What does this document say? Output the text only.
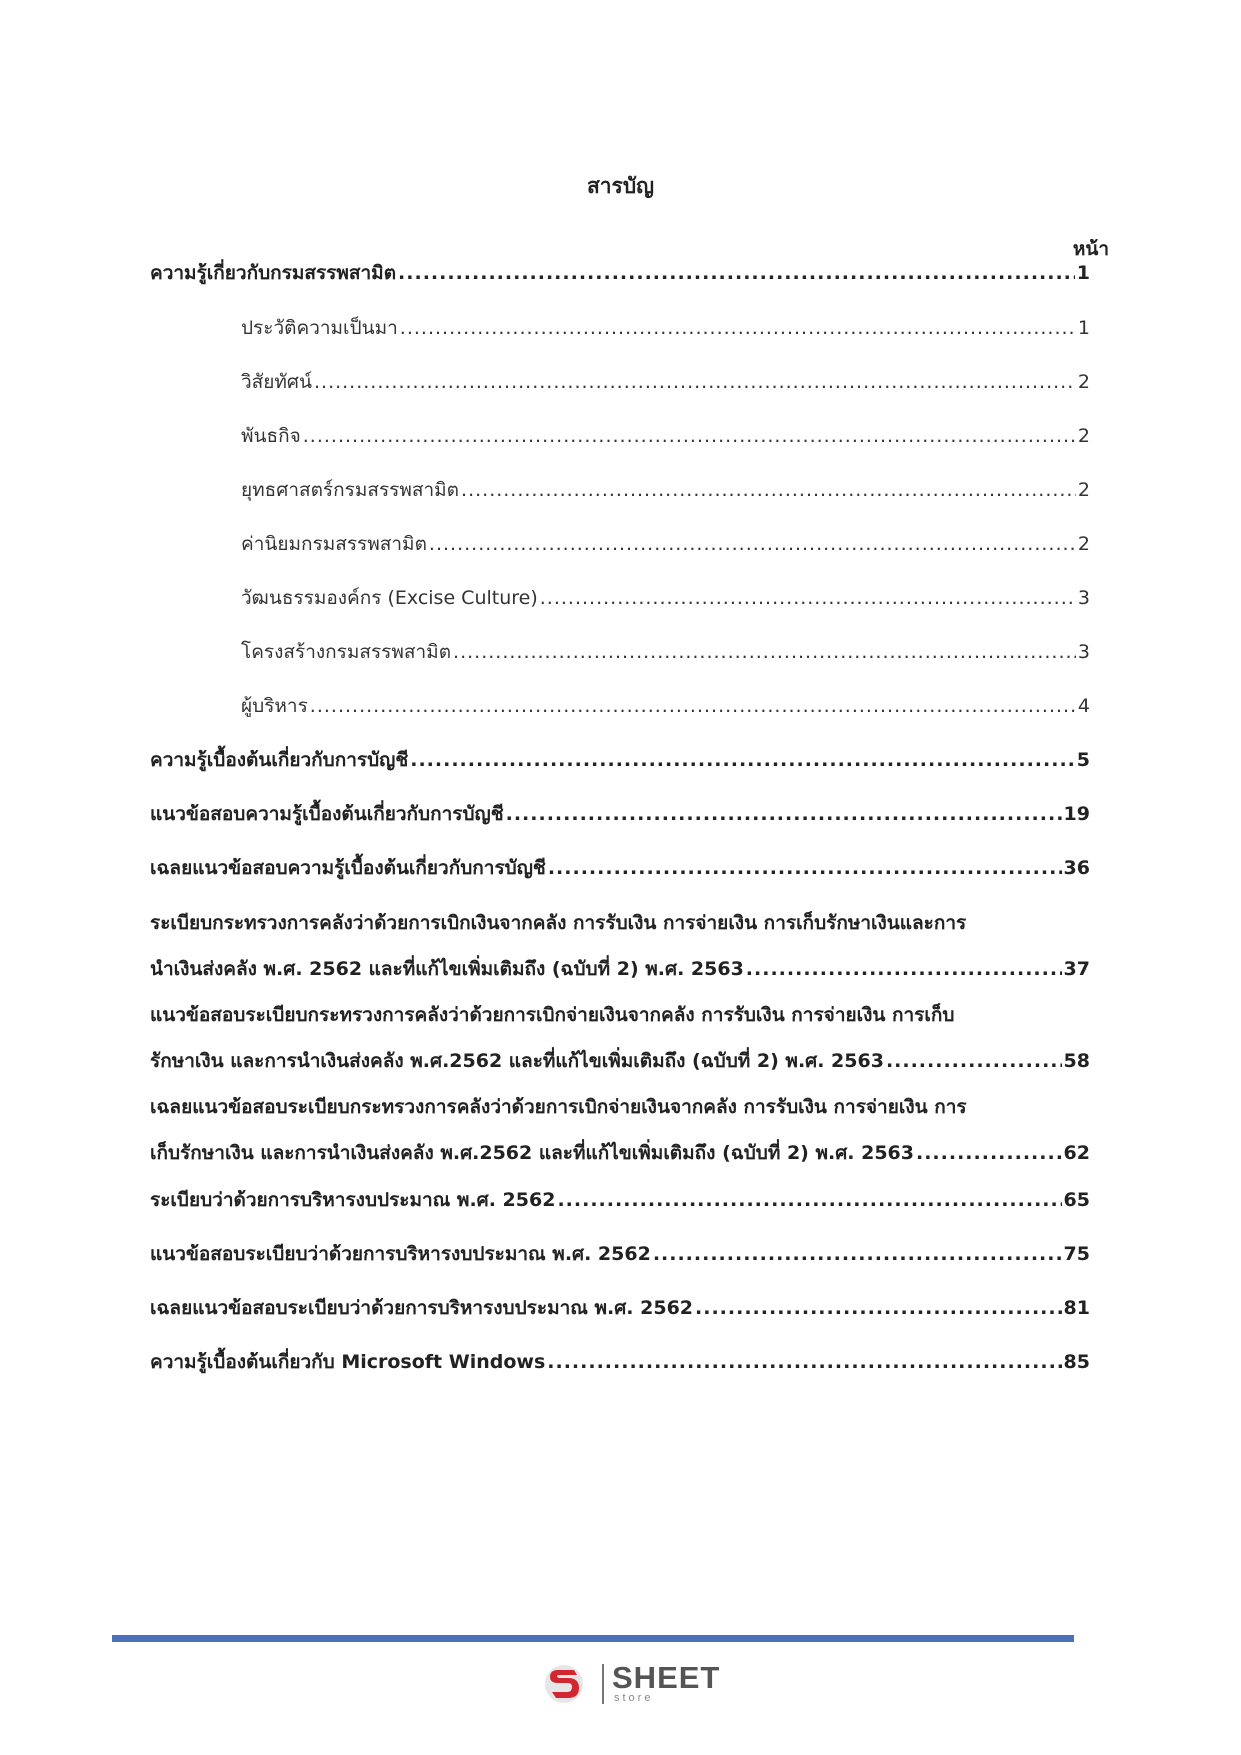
สารบัญ
หน้า
ความรู้เกี่ยวกับกรมสรรพสามิต .....	1
ประวัติความเป็นมา .....	1
วิสัยทัศน์ .....	2
พันธกิจ .....	2
ยุทธศาสตร์กรมสรรพสามิต .....	2
ค่านิยมกรมสรรพสามิต .....	2
วัฒนธรรมองค์กร (Excise Culture) .....	3
โครงสร้างกรมสรรพสามิต .....	3
ผู้บริหาร .....	4
ความรู้เบื้องต้นเกี่ยวกับการบัญชี .....	5
แนวข้อสอบความรู้เบื้องต้นเกี่ยวกับการบัญชี .....	19
เฉลยแนวข้อสอบความรู้เบื้องต้นเกี่ยวกับการบัญชี .....	36
ระเบียบกระทรวงการคลังว่าด้วยการเบิกเงินจากคลัง การรับเงิน การจ่ายเงิน การเก็บรักษาเงินและการ
นำเงินส่งคลัง พ.ศ. 2562 และที่แก้ไขเพิ่มเติมถึง (ฉบับที่ 2) พ.ศ. 2563 .....	37
แนวข้อสอบระเบียบกระทรวงการคลังว่าด้วยการเบิกจ่ายเงินจากคลัง การรับเงิน การจ่ายเงิน การเก็บ
รักษาเงิน และการนำเงินส่งคลัง พ.ศ.2562 และที่แก้ไขเพิ่มเติมถึง (ฉบับที่ 2) พ.ศ. 2563 .....	58
เฉลยแนวข้อสอบระเบียบกระทรวงการคลังว่าด้วยการเบิกจ่ายเงินจากคลัง การรับเงิน การจ่ายเงิน การ
เก็บรักษาเงิน และการนำเงินส่งคลัง พ.ศ.2562 และที่แก้ไขเพิ่มเติมถึง (ฉบับที่ 2) พ.ศ. 2563 .....	62
ระเบียบว่าด้วยการบริหารงบประมาณ พ.ศ. 2562 .....	65
แนวข้อสอบระเบียบว่าด้วยการบริหารงบประมาณ พ.ศ. 2562 .....	75
เฉลยแนวข้อสอบระเบียบว่าด้วยการบริหารงบประมาณ พ.ศ. 2562 .....	81
ความรู้เบื้องต้นเกี่ยวกับ Microsoft Windows .....	85
SHEET
store
